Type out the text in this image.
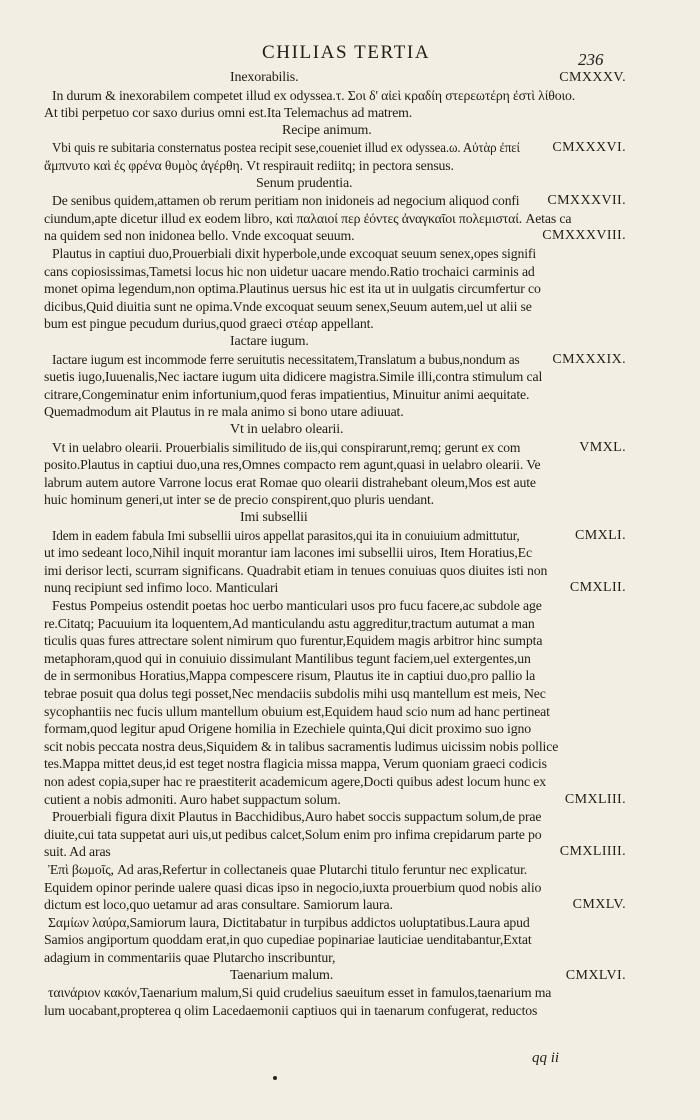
CHILIAS TERTIA	236
Inexorabilis.	CMXXXV.
In durum & inexorabilem competet illud ex odyssea.τ. Σοι δ' αἰεὶ κραδίη στερεωτέρη ἐστὶ λίθοιο.
At tibi perpetuo cor saxo durius omni est.Ita Telemachus ad matrem.
Recipe animum.
Vbi quis re subitaria consternatus postea recipit sese,coueniet illud ex odyssea.ω. Αὐτὰρ ἐπεί CMXXXVI.
ἄμπνυτο καὶ ἐς φρένα θυμὸς ἀγέρθη. Vt respirauit rediitq; in pectora sensus.
Senum prudentia.
De senibus quidem,attamen ob rerum peritiam non inidoneis ad negocium aliquod confi CMXXXVII.
ciundum,apte dicetur illud ex eodem libro, καὶ παλαιοί περ ἐόντες ἀναγκαῖοι πολεμισταί. Aetas ca
na quidem sed non inidonea bello. Vnde excoquat seuum.	CMXXXVIII.
Plautus in captiui duo,Prouerbiali dixit hyperbole,unde excoquat seuum senex,opes signifi
cans copiosissimas,Tametsi locus hic non uidetur uacare mendo.Ratio trochaici carminis ad
monet opima legendum,non optima.Plautinus uersus hic est ita ut in uulgatis circumfertur co
dicibus,Quid diuitia sunt ne opima.Vnde excoquat seuum senex,Seuum autem,uel ut alii se
bum est pingue pecudum durius,quod graeci στέαρ appellant.
Iactare iugum.
Iactare iugum est incommode ferre seruitutis necessitatem,Translatum a bubus,nondum as CMXXXIX.
suetis iugo,Iuuenalis,Nec iactare iugum uita didicere magistra.Simile illi,contra stimulum cal
citrare,Congeminatur enim infortunium,quod feras impatientius, Minuitur animi aequitate.
Quemadmodum ait Plautus in re mala animo si bono utare adiuuat.
Vt in uelabro olearii.
Vt in uelabro olearii. Prouerbialis similitudo de iis,qui conspirarunt,remq; gerunt ex com	VMXL.
posito.Plautus in captiui duo,una res,Omnes compacto rem agunt,quasi in uelabro olearii. Ve
labrum autem autore Varrone locus erat Romae quo olearii distrahebant oleum,Mos est aute
huic hominum generi,ut inter se de precio conspirent,quo pluris uendant.
Imi subsellii
Idem in eadem fabula Imi subsellii uiros appellat parasitos,qui ita in conuiuium admittutur,	CMXLI.
ut imo sedeant loco,Nihil inquit morantur iam lacones imi subsellii uiros, Item Horatius,Ec
imi derisor lecti, scurram significans. Quadrabit etiam in tenues conuiuas quos diuites isti non
nunq recipiunt sed infimo loco. Manticulari	CMXLII.
Festus Pompeius ostendit poetas hoc uerbo manticulari usos pro fucu facere,ac subdole age
re.Citatq; Pacuuium ita loquentem,Ad manticulandu astu aggreditur,tractum autumat a man
ticulis quas fures attrectare solent nimirum quo furentur,Equidem magis arbitror hinc sumpta
metaphoram,quod qui in conuiuio dissimulant Mantilibus tegunt faciem,uel extergentes,un
de in sermonibus Horatius,Mappa compescere risum, Plautus ite in captiui duo,pro pallio la
tebrae posuit qua dolus tegi posset,Nec mendaciis subdolis mihi usq mantellum est meis, Nec
sycophantiis nec fucis ullum mantellum obuium est,Equidem haud scio num ad hanc pertineat
formam,quod legitur apud Origene homilia in Ezechiele quinta,Qui dicit proximo suo igno
scit nobis peccata nostra deus,Siquidem & in talibus sacramentis ludimus uicissim nobis pollice
tes.Mappa mittet deus,id est teget nostra flagicia missa mappa, Verum quoniam graeci codicis
non adest copia,super hac re praestiterit academicum agere,Docti quibus adest locum hunc ex
cutient a nobis admoniti. Auro habet suppactum solum.	CMXLIII.
Prouerbiali figura dixit Plautus in Bacchidibus,Auro habet soccis suppactum solum,de prae
diuite,cui tata suppetat auri uis,ut pedibus calcet,Solum enim pro infima crepidarum parte po
suit. Ad aras	CMXLIIII.
Ἐπὶ βωμοῖς, Ad aras,Refertur in collectaneis quae Plutarchi titulo feruntur nec explicatur.
Equidem opinor perinde ualere quasi dicas ipso in negocio,iuxta prouerbium quod nobis alio
dictum est loco,quo uetamur ad aras consultare. Samiorum laura.	CMXLV.
Σαμίων λαύρα,Samiorum laura, Dictitabatur in turpibus addictos uoluptatibus.Laura apud
Samios angiportum quoddam erat,in quo cupediae popinariae lauticiae uenditabantur,Extat
adagium in commentariis quae Plutarcho inscribuntur,
Taenarium malum.	CMXLVI.
ταινάριον κακόν,Taenarium malum,Si quid crudelius saeuitum esset in famulos,taenarium ma
lum uocabant,propterea q olim Lacedaemonii captiuos qui in taenarum confugerat, reductos
qq ii
